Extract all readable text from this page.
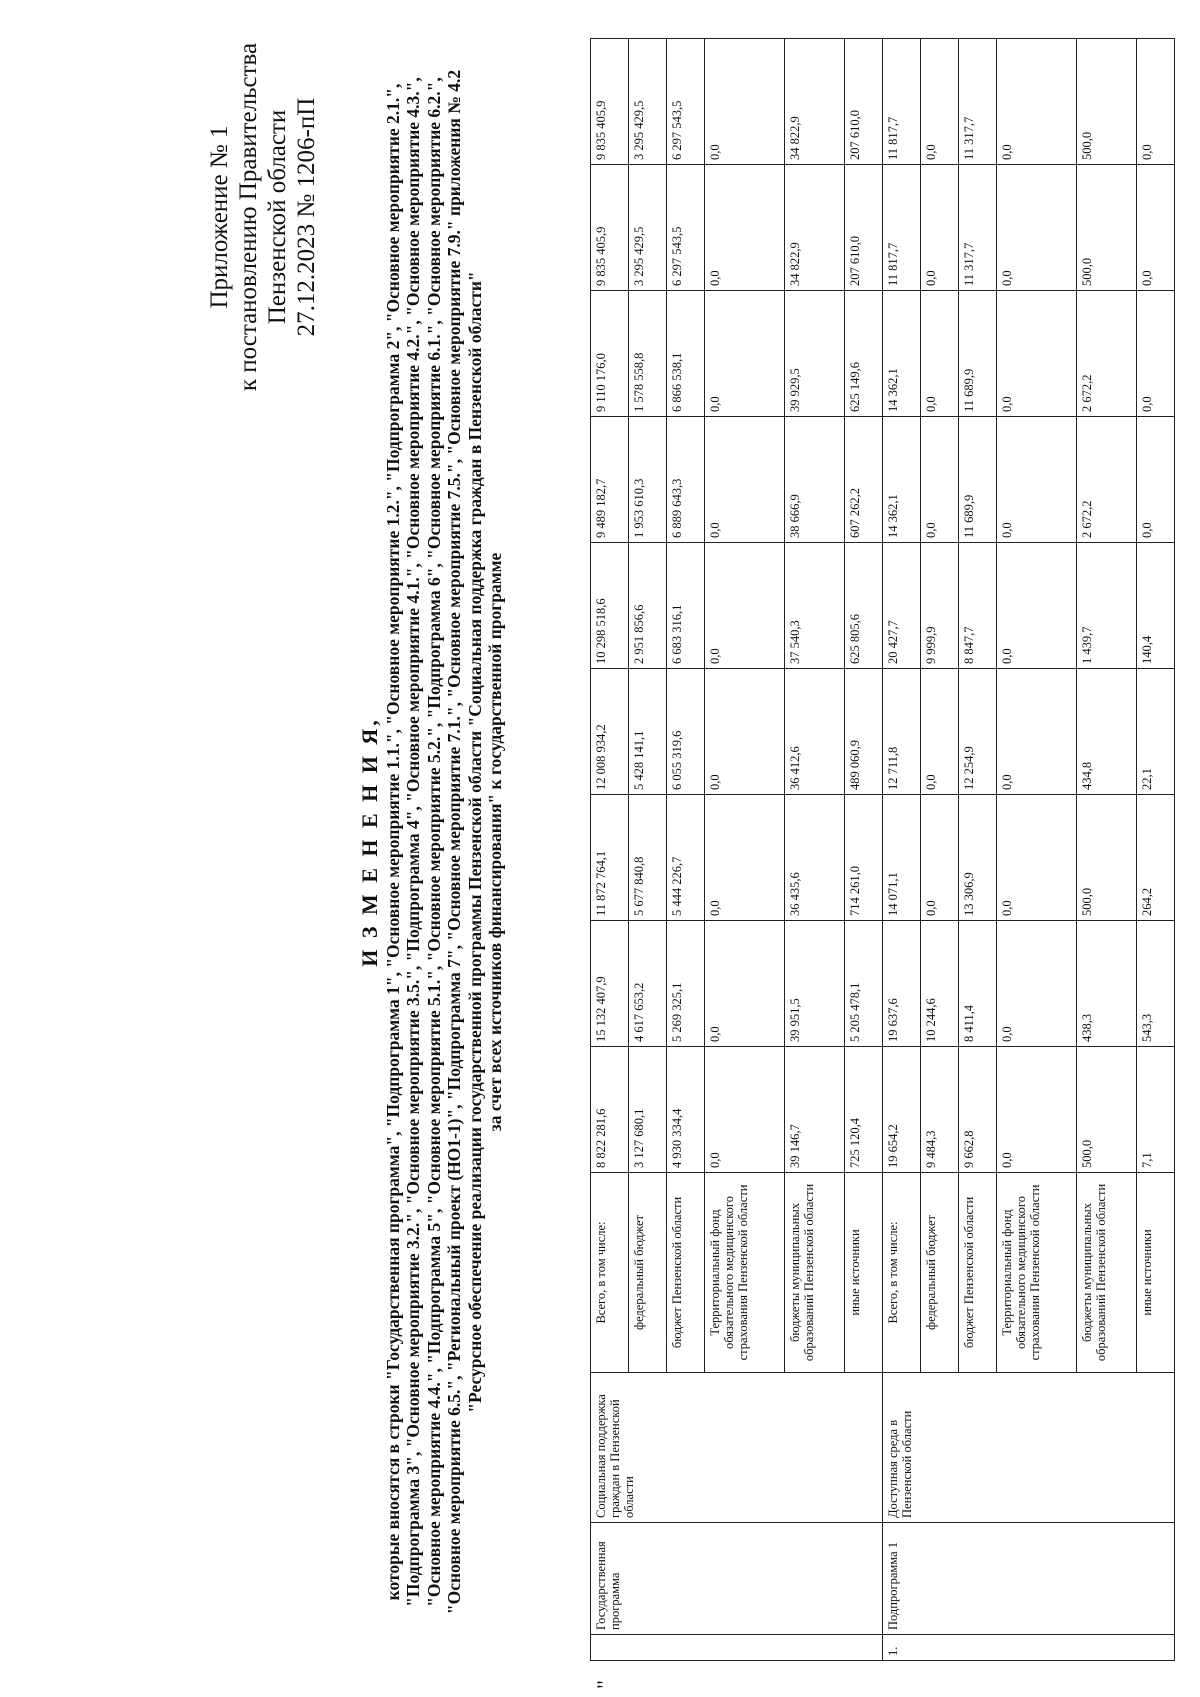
"
Приложение № 1 к постановлению Правительства Пензенской области 27.12.2023 № 1206-пП
И З М Е Н Е Н И Я, которые вносятся в строки "Государственная программа", "Подпрограмма 1", "Основное мероприятие 1.1.", "Основное мероприятие 1.2.", "Подпрограмма 2", "Основное мероприятие 2.1.", "Подпрограмма 3", "Основное мероприятие 3.2.", "Основное мероприятие 3.5.", "Подпрограмма 4", "Основное мероприятие 4.1.", "Основное мероприятие 4.2.", "Основное мероприятие 4.3.", "Основное мероприятие 4.4.", "Подпрограмма 5", "Основное мероприятие 5.1.", "Основное мероприятие 5.2.", "Подпрограмма 6", "Основное мероприятие 6.1.", "Основное мероприятие 6.2.", "Основное мероприятие 6.5.", "Региональный проект (НО1-1)", "Подпрограмма 7", "Основное мероприятие 7.1.", "Основное мероприятие 7.5.", "Основное мероприятие 7.9." приложения № 4.2 "Ресурсное обеспечение реализации государственной программы Пензенской области "Социальная поддержка граждан в Пензенской области" за счет всех источников финансирования" к государственной программе
	Государственная программа	Социальная поддержка граждан в Пензенской области	Всего, в том числе:	8 822 281,6	15 132 407,9	11 872 764,1	12 008 934,2	10 298 518,6	9 489 182,7	9 110 176,0	9 835 405,9	9 835 405,9
			федеральный бюджет	3 127 680,1	4 617 653,2	5 677 840,8	5 428 141,1	2 951 856,6	1 953 610,3	1 578 558,8	3 295 429,5	3 295 429,5
			бюджет Пензенской области	4 930 334,4	5 269 325,1	5 444 226,7	6 055 319,6	6 683 316,1	6 889 643,3	6 866 538,1	6 297 543,5	6 297 543,5
			Территориальный фонд обязательного медицинского страхования Пензенской области	0,0	0,0	0,0	0,0	0,0	0,0	0,0	0,0	0,0
			бюджеты муниципальных образований Пензенской области	39 146,7	39 951,5	36 435,6	36 412,6	37 540,3	38 666,9	39 929,5	34 822,9	34 822,9
			иные источники	725 120,4	5 205 478,1	714 261,0	489 060,9	625 805,6	607 262,2	625 149,6	207 610,0	207 610,0
1.	Подпрограмма 1	Доступная среда в Пензенской области	Всего, в том числе:	19 654,2	19 637,6	14 071,1	12 711,8	20 427,7	14 362,1	14 362,1	11 817,7	11 817,7
			федеральный бюджет	9 484,3	10 244,6	0,0	0,0	9 999,9	0,0	0,0	0,0	0,0
			бюджет Пензенской области	9 662,8	8 411,4	13 306,9	12 254,9	8 847,7	11 689,9	11 689,9	11 317,7	11 317,7
			Территориальный фонд обязательного медицинского страхования Пензенской области	0,0	0,0	0,0	0,0	0,0	0,0	0,0	0,0	0,0
			бюджеты муниципальных образований Пензенской области	500,0	438,3	500,0	434,8	1 439,7	2 672,2	2 672,2	500,0	500,0
			иные источники	7,1	543,3	264,2	22,1	140,4	0,0	0,0	0,0	0,0
